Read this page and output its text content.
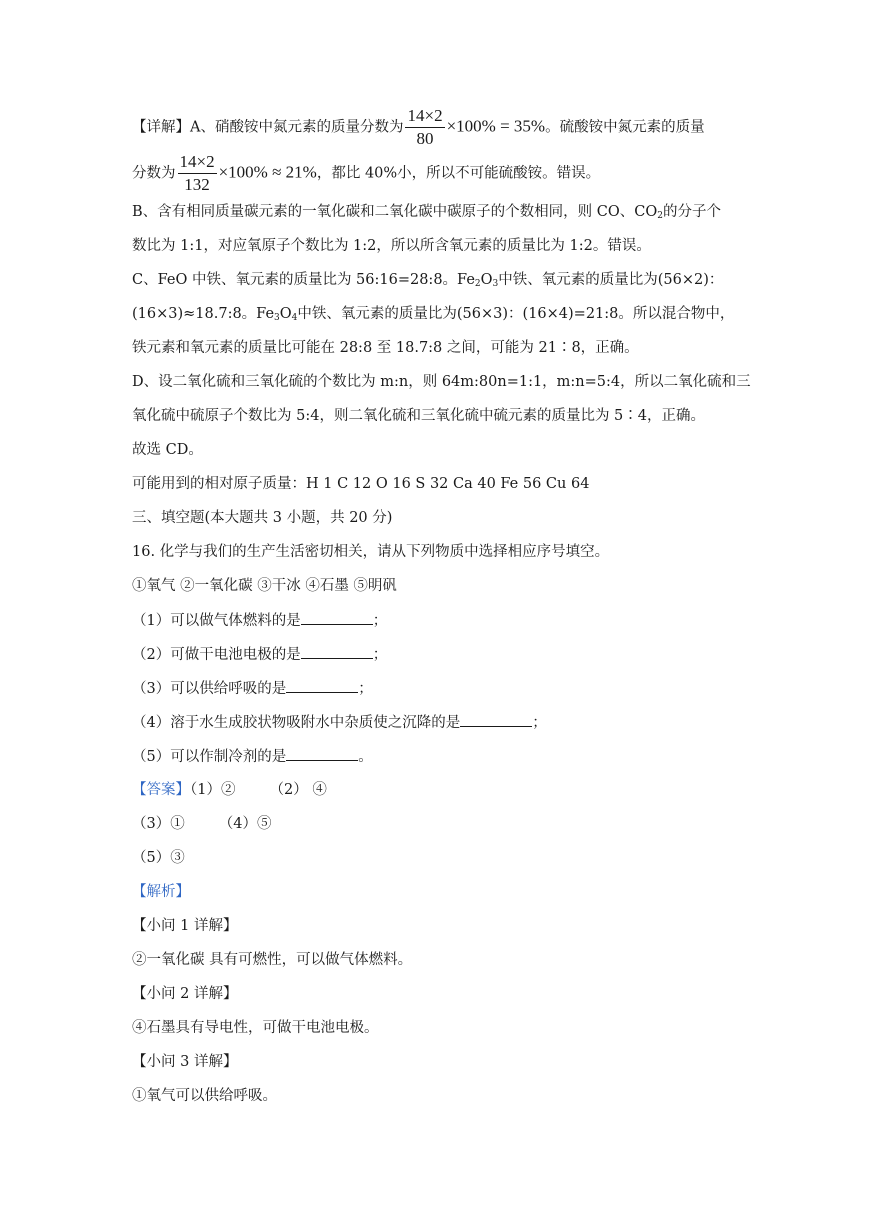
【详解】A、硝酸铵中氮元素的质量分数为 $\frac{14\times 2}{80} \times 100\% = 35\%$。硫酸铵中氮元素的质量
分数为 $\frac{14\times 2}{132} \times 100\% \approx 21\%$，都比 40%小，所以不可能硫酸铵。错误。
B、含有相同质量碳元素的一氧化碳和二氧化碳中碳原子的个数相同，则 CO、$CO_2$的分子个
数比为 1:1，对应氧原子个数比为 1:2，所以所含氧元素的质量比为 1:2。错误。
C、FeO 中铁、氧元素的质量比为 56:16=28:8。$Fe_2O_3$中铁、氧元素的质量比为(56×2)：
(16×3)≈18.7:8。$Fe_3O_4$中铁、氧元素的质量比为(56×3)：(16×4)=21:8。所以混合物中，
铁元素和氧元素的质量比可能在 28:8 至 18.7:8 之间，可能为 21∶8，正确。
D、设二氧化硫和三氧化硫的个数比为 m:n，则 64m:80n=1:1，m:n=5:4，所以二氧化硫和三
氧化硫中硫原子个数比为 5:4，则二氧化硫和三氧化硫中硫元素的质量比为 5∶4，正确。
故选 CD。
可能用到的相对原子质量：H 1 C 12 O 16 S 32 Ca 40 Fe 56 Cu 64
三、填空题(本大题共 3 小题，共 20 分)
16. 化学与我们的生产生活密切相关，请从下列物质中选择相应序号填空。
①氧气 ②一氧化碳 ③干冰 ④石墨 ⑤明矾
（1）可以做气体燃料的是	；
（2）可做干电池电极的是	；
（3）可以供给呼吸的是	；
（4）溶于水生成胶状物吸附水中杂质使之沉降的是	；
（5）可以作制冷剂的是	。
【答案】（1）② （2） ④
（3）① （4）⑤
（5）③
【解析】
【小问 1 详解】
②一氧化碳 具有可燃性，可以做气体燃料。
【小问 2 详解】
④石墨具有导电性，可做干电池电极。
【小问 3 详解】
①氧气可以供给呼吸。
